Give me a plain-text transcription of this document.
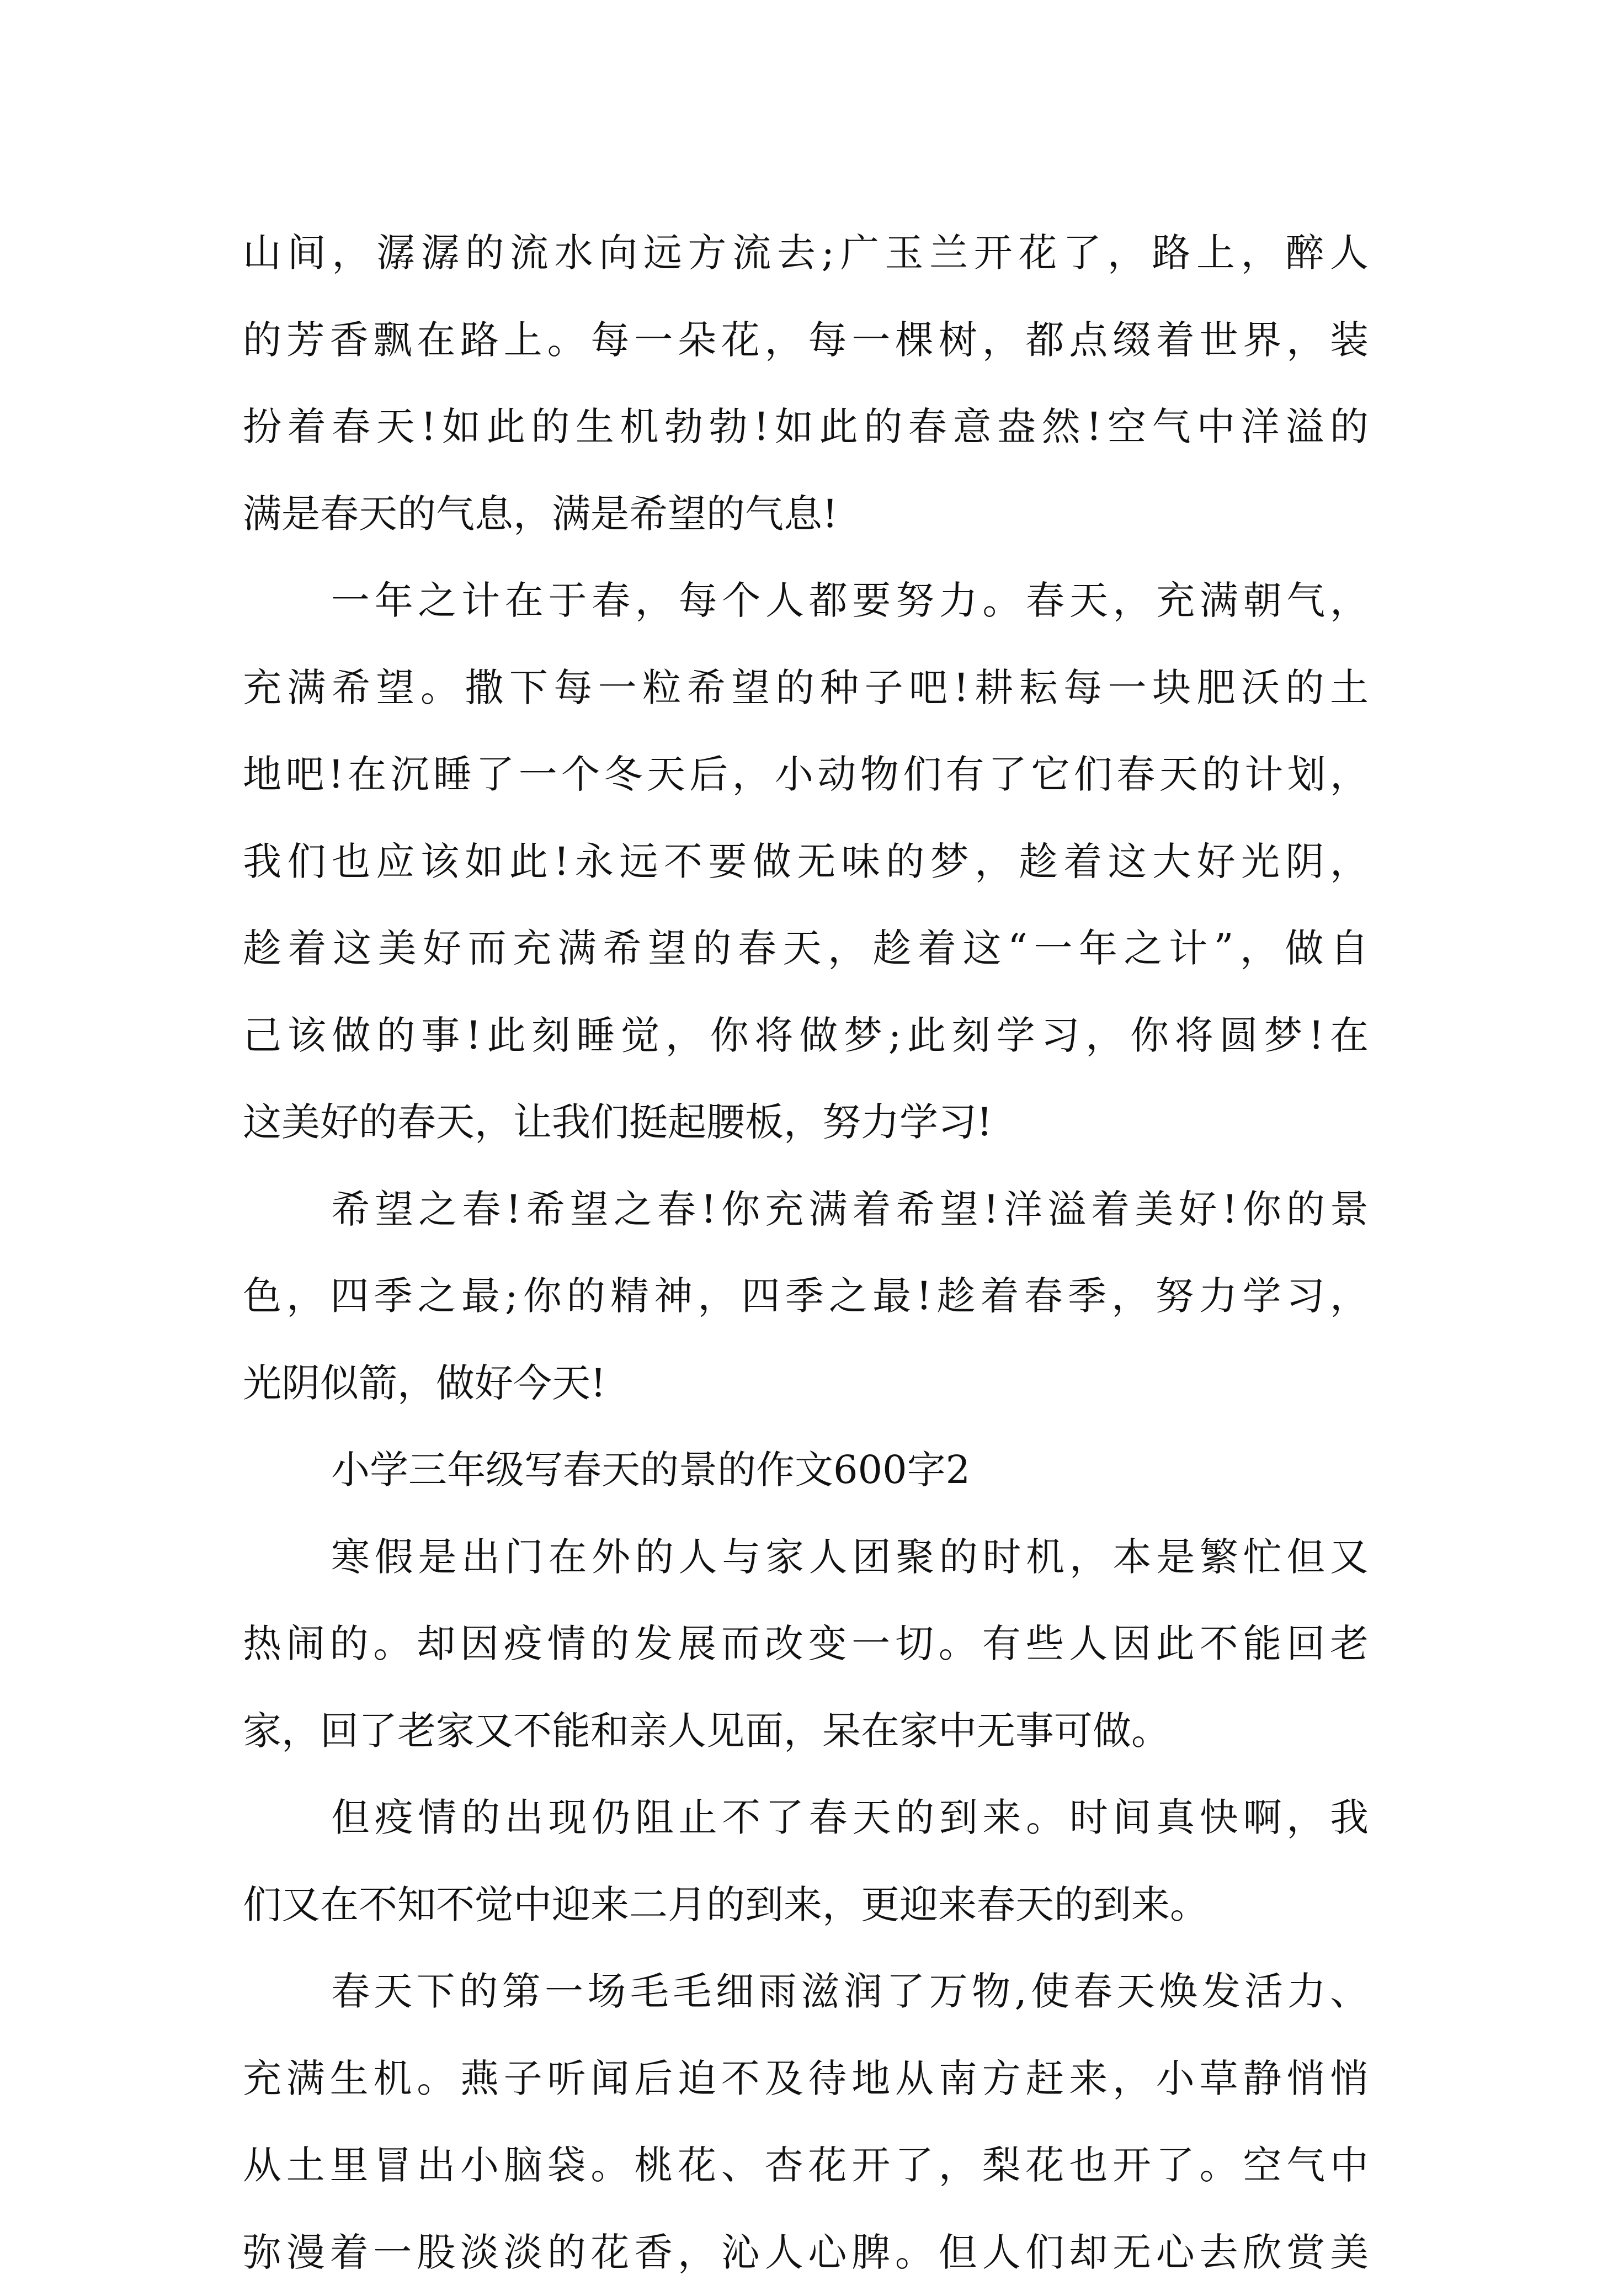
山间，潺潺的流水向远方流去;广玉兰开花了，路上，醉人
的芳香飘在路上。每一朵花，每一棵树，都点缀着世界，装
扮着春天!如此的生机勃勃!如此的春意盎然!空气中洋溢的
满是春天的气息，满是希望的气息!
一年之计在于春，每个人都要努力。春天，充满朝气，
充满希望。撒下每一粒希望的种子吧!耕耘每一块肥沃的土
地吧!在沉睡了一个冬天后，小动物们有了它们春天的计划，
我们也应该如此!永远不要做无味的梦，趁着这大好光阴，
趁着这美好而充满希望的春天，趁着这“一年之计”，做自
己该做的事!此刻睡觉，你将做梦;此刻学习，你将圆梦!在
这美好的春天，让我们挺起腰板，努力学习!
希望之春!希望之春!你充满着希望!洋溢着美好!你的景
色，四季之最;你的精神，四季之最!趁着春季，努力学习，
光阴似箭，做好今天!
小学三年级写春天的景的作文600字2
寒假是出门在外的人与家人团聚的时机，本是繁忙但又
热闹的。却因疫情的发展而改变一切。有些人因此不能回老
家，回了老家又不能和亲人见面，呆在家中无事可做。
但疫情的出现仍阻止不了春天的到来。时间真快啊，我
们又在不知不觉中迎来二月的到来，更迎来春天的到来。
春天下的第一场毛毛细雨滋润了万物,使春天焕发活力、
充满生机。燕子听闻后迫不及待地从南方赶来，小草静悄悄
从土里冒出小脑袋。桃花、杏花开了，梨花也开了。空气中
弥漫着一股淡淡的花香，沁人心脾。但人们却无心去欣赏美
